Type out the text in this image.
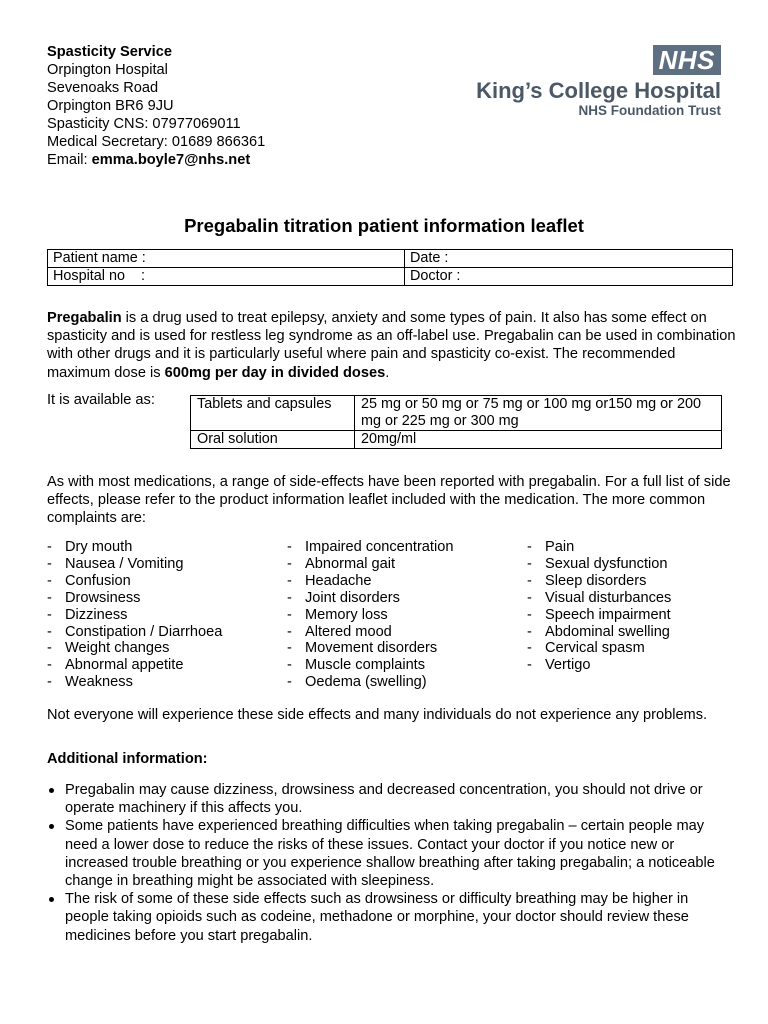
Spasticity Service
Orpington Hospital
Sevenoaks Road
Orpington BR6 9JU
Spasticity CNS: 07977069011
Medical Secretary: 01689 866361
Email: emma.boyle7@nhs.net
NHS
King’s College Hospital
NHS Foundation Trust
Pregabalin titration patient information leaflet
Patient name :	Date :
Hospital no    :	Doctor :
Pregabalin is a drug used to treat epilepsy, anxiety and some types of pain. It also has some effect on spasticity and is used for restless leg syndrome as an off-label use. Pregabalin can be used in combination with other drugs and it is particularly useful where pain and spasticity co-exist. The recommended maximum dose is 600mg per day in divided doses.
It is available as:	Tablets and capsules	25 mg or 50 mg or 75 mg or 100 mg or150 mg or 200 mg or 225 mg or 300 mg
Oral solution	20mg/ml
As with most medications, a range of side-effects have been reported with pregabalin. For a full list of side effects, please refer to the product information leaflet included with the medication. The more common complaints are:
- Dry mouth
- Nausea / Vomiting
- Confusion
- Drowsiness
- Dizziness
- Constipation / Diarrhoea
- Weight changes
- Abnormal appetite
- Weakness
- Impaired concentration
- Abnormal gait
- Headache
- Joint disorders
- Memory loss
- Altered mood
- Movement disorders
- Muscle complaints
- Oedema (swelling)
- Pain
- Sexual dysfunction
- Sleep disorders
- Visual disturbances
- Speech impairment
- Abdominal swelling
- Cervical spasm
- Vertigo
Not everyone will experience these side effects and many individuals do not experience any problems.
Additional information:
Pregabalin may cause dizziness, drowsiness and decreased concentration, you should not drive or operate machinery if this affects you.
Some patients have experienced breathing difficulties when taking pregabalin – certain people may need a lower dose to reduce the risks of these issues. Contact your doctor if you notice new or increased trouble breathing or you experience shallow breathing after taking pregabalin; a noticeable change in breathing might be associated with sleepiness.
The risk of some of these side effects such as drowsiness or difficulty breathing may be higher in people taking opioids such as codeine, methadone or morphine, your doctor should review these medicines before you start pregabalin.
